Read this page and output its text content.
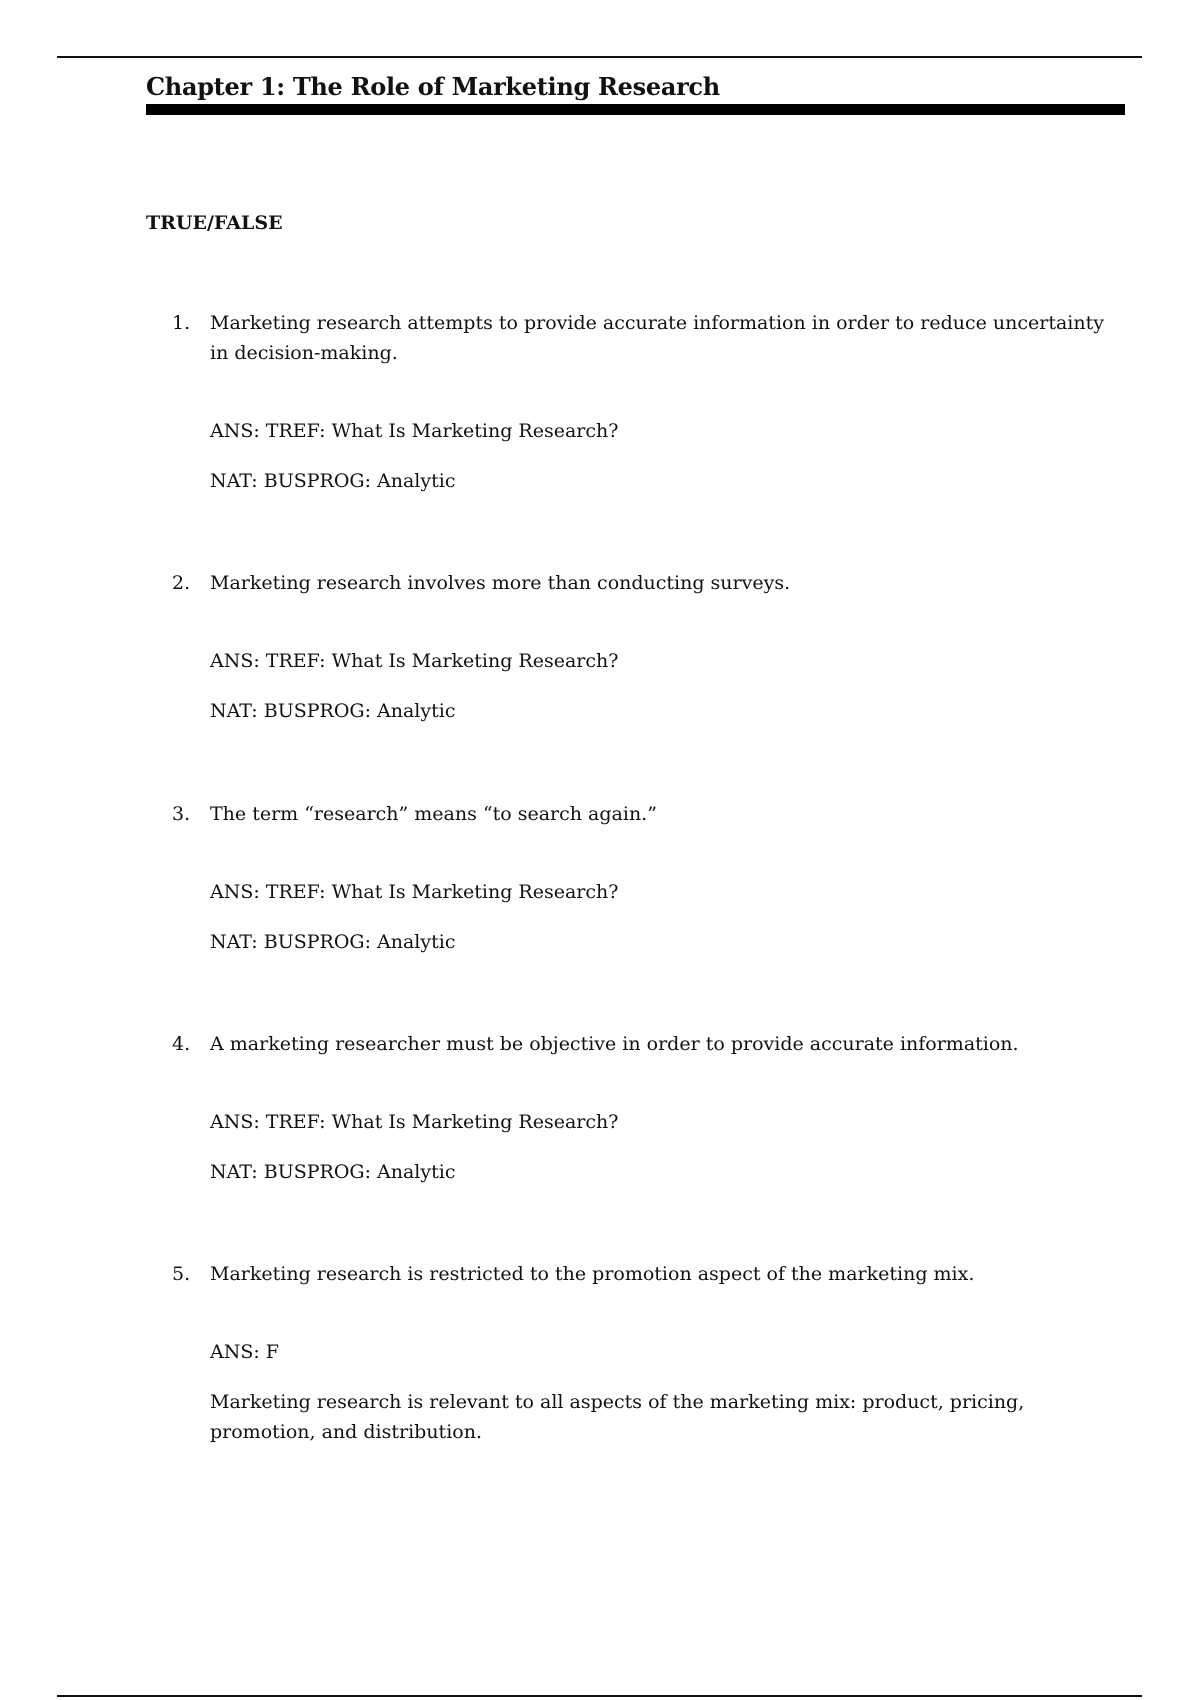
Chapter 1: The Role of Marketing Research
TRUE/FALSE
1.	Marketing research attempts to provide accurate information in order to reduce uncertainty in decision-making.
ANS: TREF: What Is Marketing Research?
NAT: BUSPROG: Analytic
2.	Marketing research involves more than conducting surveys.
ANS: TREF: What Is Marketing Research?
NAT: BUSPROG: Analytic
3.	The term “research” means “to search again.”
ANS: TREF: What Is Marketing Research?
NAT: BUSPROG: Analytic
4.	A marketing researcher must be objective in order to provide accurate information.
ANS: TREF: What Is Marketing Research?
NAT: BUSPROG: Analytic
5.	Marketing research is restricted to the promotion aspect of the marketing mix.
ANS: F
Marketing research is relevant to all aspects of the marketing mix: product, pricing, promotion, and distribution.
